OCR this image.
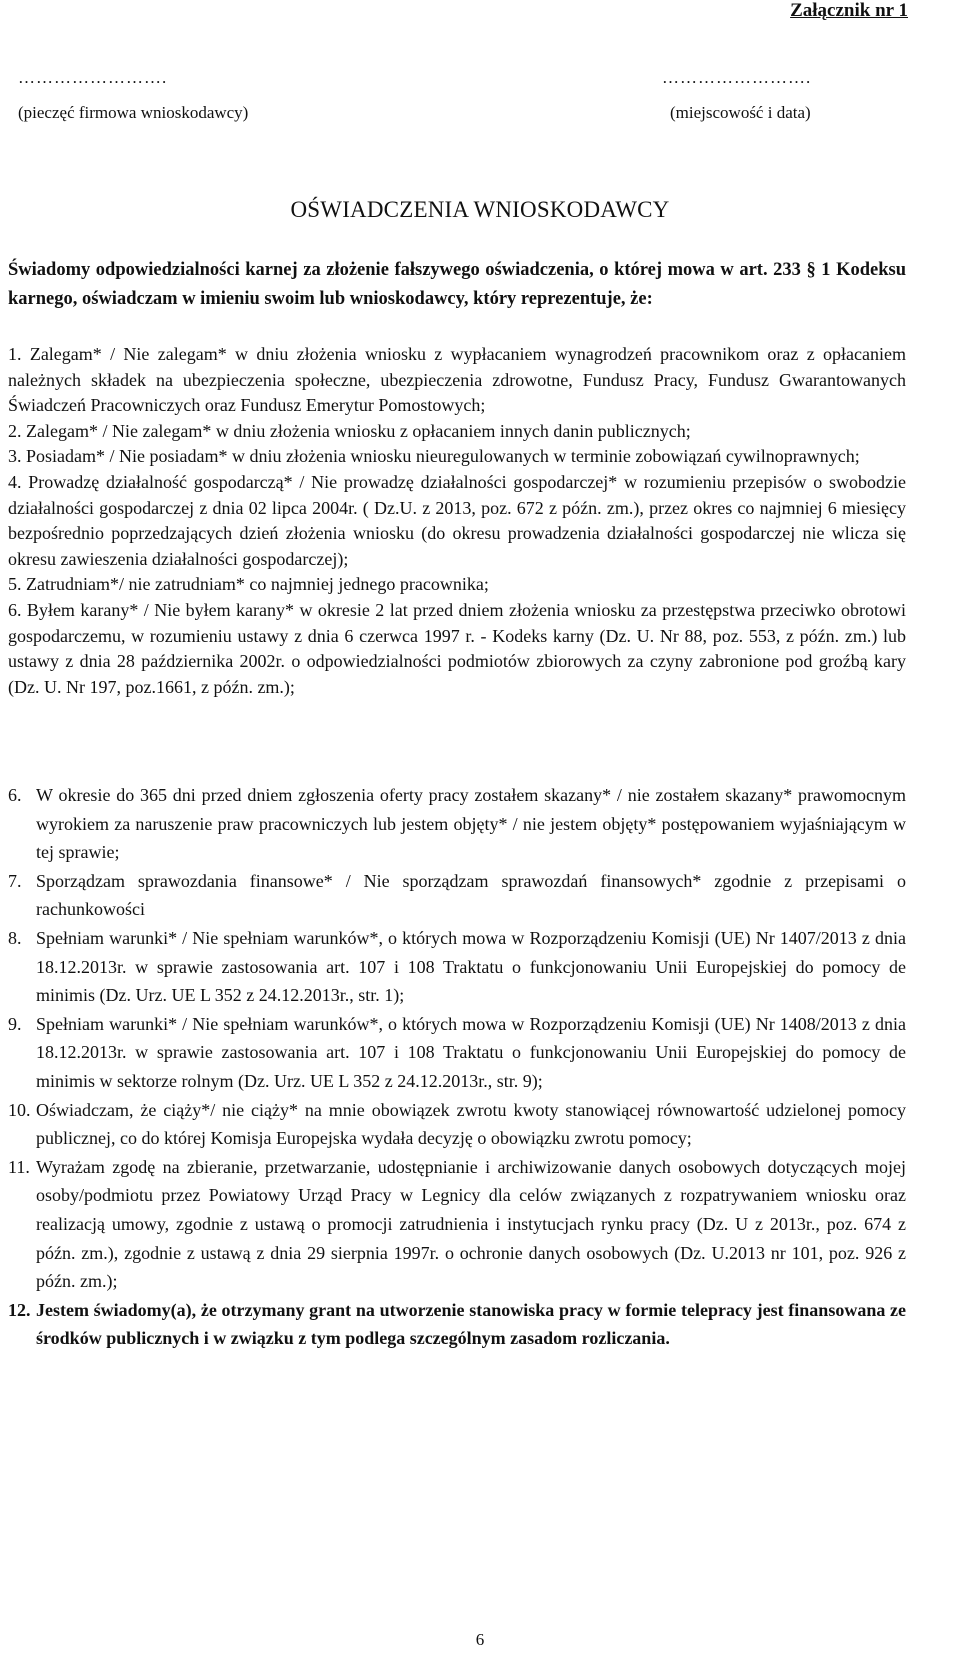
Załącznik nr 1
…………………….	…………………….
(pieczęć firmowa wnioskodawcy)	(miejscowość i data)
OŚWIADCZENIA WNIOSKODAWCY
Świadomy odpowiedzialności karnej za złożenie fałszywego oświadczenia, o której mowa w art. 233 § 1 Kodeksu karnego, oświadczam w imieniu swoim lub wnioskodawcy, który reprezentuje, że:
1. Zalegam* / Nie zalegam* w dniu złożenia wniosku z wypłacaniem wynagrodzeń pracownikom oraz z opłacaniem należnych składek na ubezpieczenia społeczne, ubezpieczenia zdrowotne, Fundusz Pracy, Fundusz Gwarantowanych Świadczeń Pracowniczych oraz Fundusz Emerytur Pomostowych;
2. Zalegam* / Nie zalegam* w dniu złożenia wniosku z opłacaniem innych danin publicznych;
3. Posiadam* / Nie posiadam* w dniu złożenia wniosku nieuregulowanych w terminie zobowiązań cywilnoprawnych;
4. Prowadzę działalność gospodarczą* / Nie prowadzę działalności gospodarczej* w rozumieniu przepisów o swobodzie działalności gospodarczej z dnia 02 lipca 2004r. ( Dz.U. z 2013, poz. 672 z późn. zm.), przez okres co najmniej 6 miesięcy bezpośrednio poprzedzających dzień złożenia wniosku (do okresu prowadzenia działalności gospodarczej nie wlicza się okresu zawieszenia działalności gospodarczej);
5. Zatrudniam*/ nie zatrudniam* co najmniej jednego pracownika;
6. Byłem karany* / Nie byłem karany* w okresie 2 lat przed dniem złożenia wniosku za przestępstwa przeciwko obrotowi gospodarczemu, w rozumieniu ustawy z dnia 6 czerwca 1997 r. - Kodeks karny (Dz. U. Nr 88, poz. 553, z późn. zm.) lub ustawy z dnia 28 października 2002r. o odpowiedzialności podmiotów zbiorowych za czyny zabronione pod groźbą kary (Dz. U. Nr 197, poz.1661, z późn. zm.);
6. W okresie do 365 dni przed dniem zgłoszenia oferty pracy zostałem skazany* / nie zostałem skazany* prawomocnym wyrokiem za naruszenie praw pracowniczych lub jestem objęty* / nie jestem objęty* postępowaniem wyjaśniającym w tej sprawie;
7. Sporządzam sprawozdania finansowe* / Nie sporządzam sprawozdań finansowych* zgodnie z przepisami o rachunkowości
8. Spełniam warunki* / Nie spełniam warunków*, o których mowa w Rozporządzeniu Komisji (UE) Nr 1407/2013 z dnia 18.12.2013r. w sprawie zastosowania art. 107 i 108 Traktatu o funkcjonowaniu Unii Europejskiej do pomocy de minimis (Dz. Urz. UE L 352 z 24.12.2013r., str. 1);
9. Spełniam warunki* / Nie spełniam warunków*, o których mowa w Rozporządzeniu Komisji (UE) Nr 1408/2013 z dnia 18.12.2013r. w sprawie zastosowania art. 107 i 108 Traktatu o funkcjonowaniu Unii Europejskiej do pomocy de minimis w sektorze rolnym (Dz. Urz. UE L 352 z 24.12.2013r., str. 9);
10. Oświadczam, że ciąży*/ nie ciąży* na mnie obowiązek zwrotu kwoty stanowiącej równowartość udzielonej pomocy publicznej, co do której Komisja Europejska wydała decyzję o obowiązku zwrotu pomocy;
11. Wyrażam zgodę na zbieranie, przetwarzanie, udostępnianie i archiwizowanie danych osobowych dotyczących mojej osoby/podmiotu przez Powiatowy Urząd Pracy w Legnicy dla celów związanych z rozpatrywaniem wniosku oraz realizacją umowy, zgodnie z ustawą o promocji zatrudnienia i instytucjach rynku pracy (Dz. U z 2013r., poz. 674 z późn. zm.), zgodnie z ustawą z dnia 29 sierpnia 1997r. o ochronie danych osobowych (Dz. U.2013 nr 101, poz. 926 z późn. zm.);
12. Jestem świadomy(a), że otrzymany grant na utworzenie stanowiska pracy w formie telepracy jest finansowana ze środków publicznych i w związku z tym podlega szczególnym zasadom rozliczania.
6
